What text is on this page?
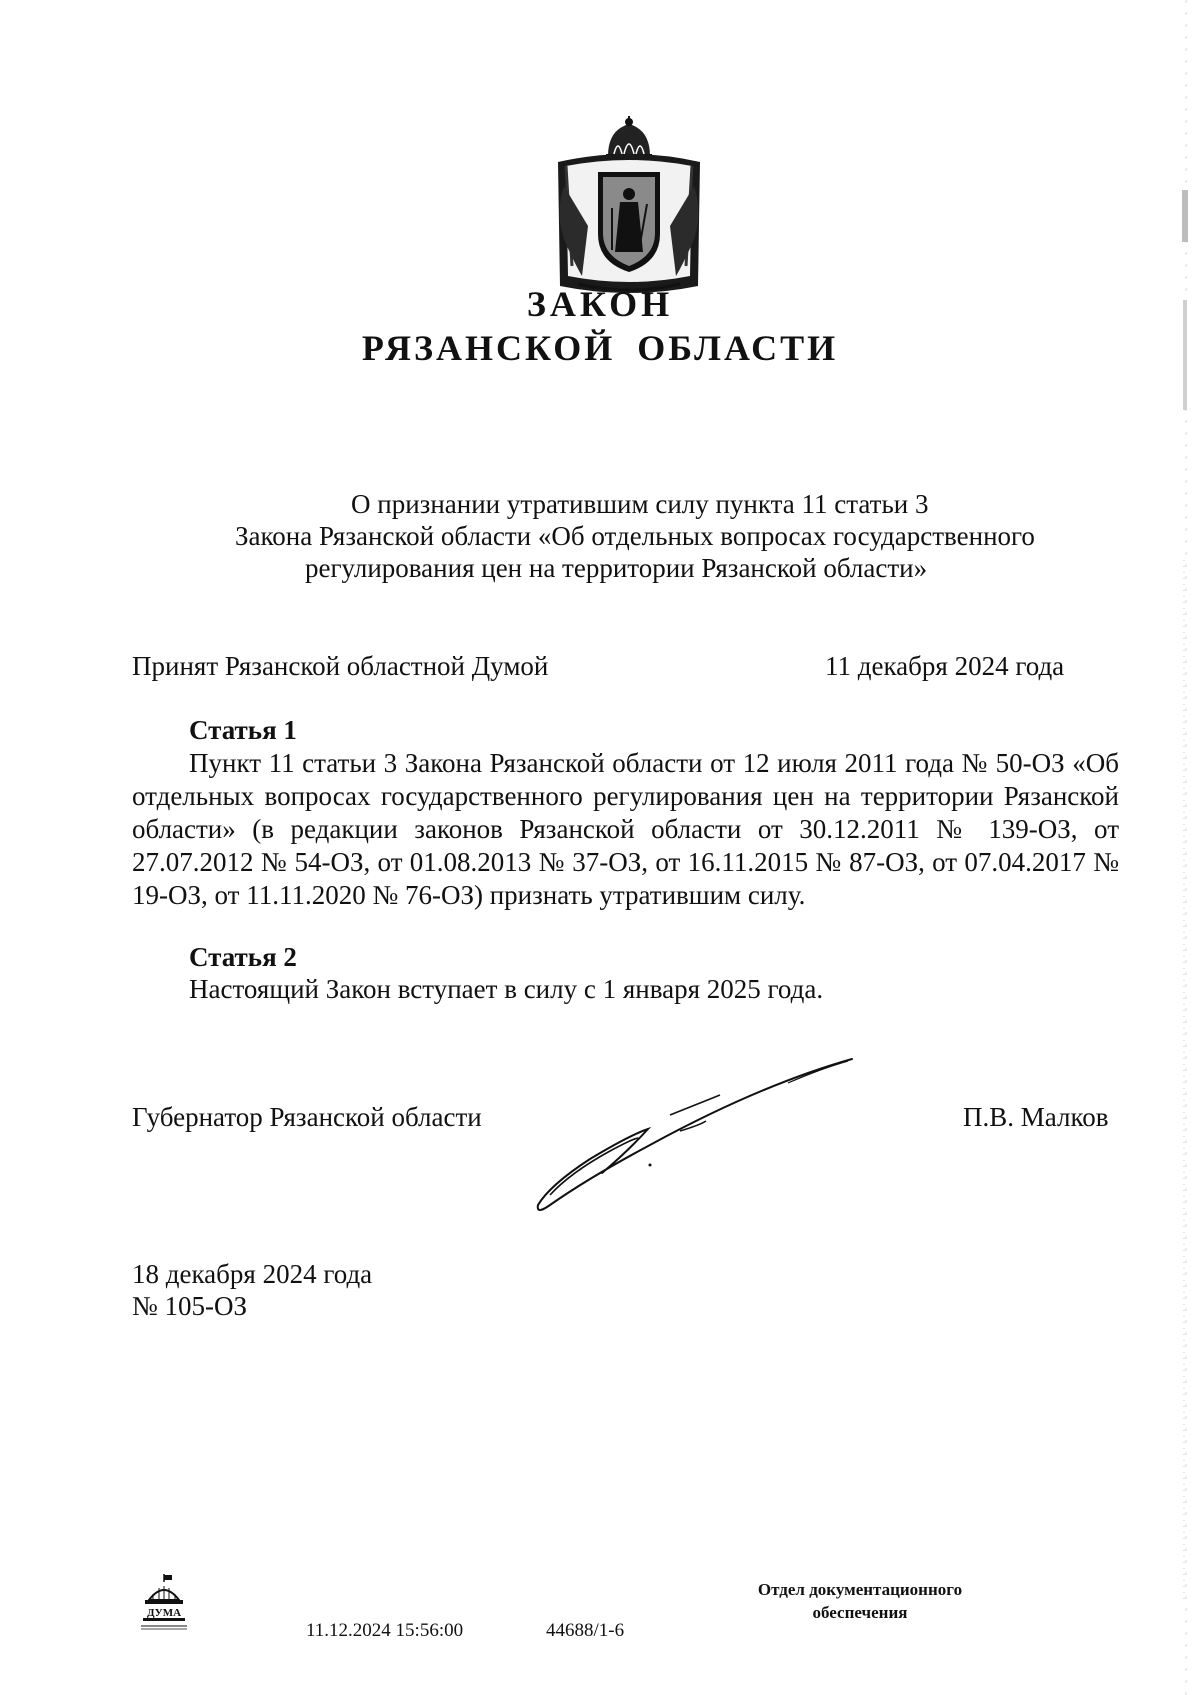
ЗАКОН
РЯЗАНСКОЙ ОБЛАСТИ
О признании утратившим силу пункта 11 статьи 3
Закона Рязанской области «Об отдельных вопросах государственного
регулирования цен на территории Рязанской области»
Принят Рязанской областной Думой	11 декабря 2024 года
Статья 1

Пункт 11 статьи 3 Закона Рязанской области от 12 июля 2011 года № 50-ОЗ «Об отдельных вопросах государственного регулирования цен на территории Рязанской области» (в редакции законов Рязанской области от 30.12.2011 № 139-ОЗ, от 27.07.2012 № 54-ОЗ, от 01.08.2013 № 37-ОЗ, от 16.11.2015 № 87-ОЗ, от 07.04.2017 № 19-ОЗ, от 11.11.2020 № 76-ОЗ) признать утратившим силу.

Статья 2
Настоящий Закон вступает в силу с 1 января 2025 года.
Губернатор Рязанской области	П.В. Малков
18 декабря 2024 года
№ 105-ОЗ
ДУМА
11.12.2024 15:56:00	44688/1-6
Отдел документационного
обеспечения
